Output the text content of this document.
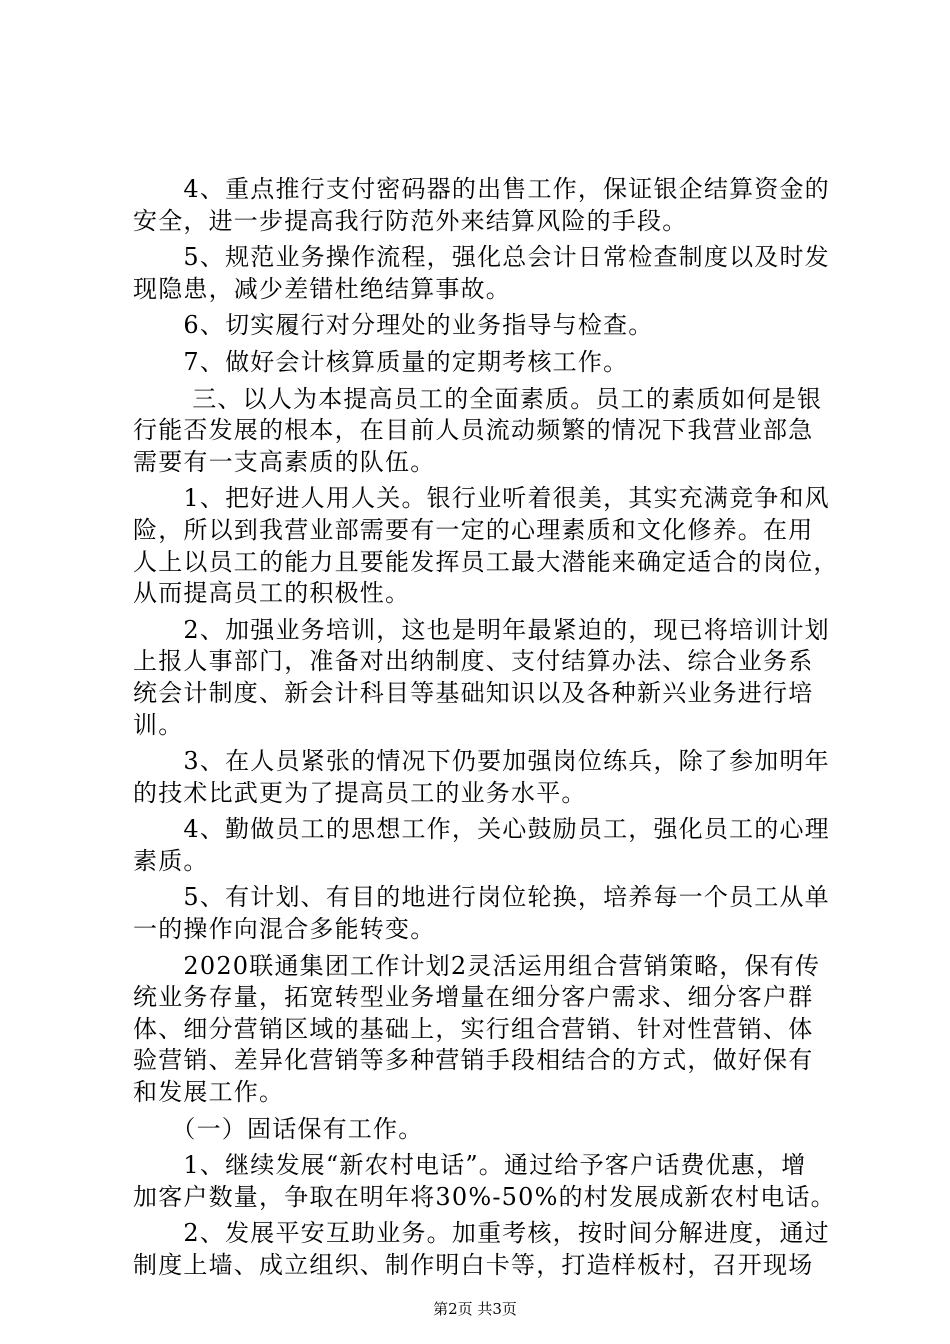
　　4、重点推行支付密码器的出售工作，保证银企结算资金的
安全，进一步提高我行防范外来结算风险的手段。
　　5、规范业务操作流程，强化总会计日常检查制度以及时发
现隐患，减少差错杜绝结算事故。
　　6、切实履行对分理处的业务指导与检查。
　　7、做好会计核算质量的定期考核工作。
　　 三、以人为本提高员工的全面素质。员工的素质如何是银
行能否发展的根本，在目前人员流动频繁的情况下我营业部急
需要有一支高素质的队伍。
　　1、把好进人用人关。银行业听着很美，其实充满竞争和风
险，所以到我营业部需要有一定的心理素质和文化修养。在用
人上以员工的能力且要能发挥员工最大潜能来确定适合的岗位，
从而提高员工的积极性。
　　2、加强业务培训，这也是明年最紧迫的，现已将培训计划
上报人事部门，准备对出纳制度、支付结算办法、综合业务系
统会计制度、新会计科目等基础知识以及各种新兴业务进行培
训。
　　3、在人员紧张的情况下仍要加强岗位练兵，除了参加明年
的技术比武更为了提高员工的业务水平。
　　4、勤做员工的思想工作，关心鼓励员工，强化员工的心理
素质。
　　5、有计划、有目的地进行岗位轮换，培养每一个员工从单
一的操作向混合多能转变。
　　2020联通集团工作计划2灵活运用组合营销策略，保有传
统业务存量，拓宽转型业务增量在细分客户需求、细分客户群
体、细分营销区域的基础上，实行组合营销、针对性营销、体
验营销、差异化营销等多种营销手段相结合的方式，做好保有
和发展工作。
　　（一）固话保有工作。
　　1、继续发展“新农村电话”。通过给予客户话费优惠，增
加客户数量，争取在明年将30%-50%的村发展成新农村电话。
　　2、发展平安互助业务。加重考核，按时间分解进度，通过
制度上墙、成立组织、制作明白卡等，打造样板村，召开现场
第2页 共3页
